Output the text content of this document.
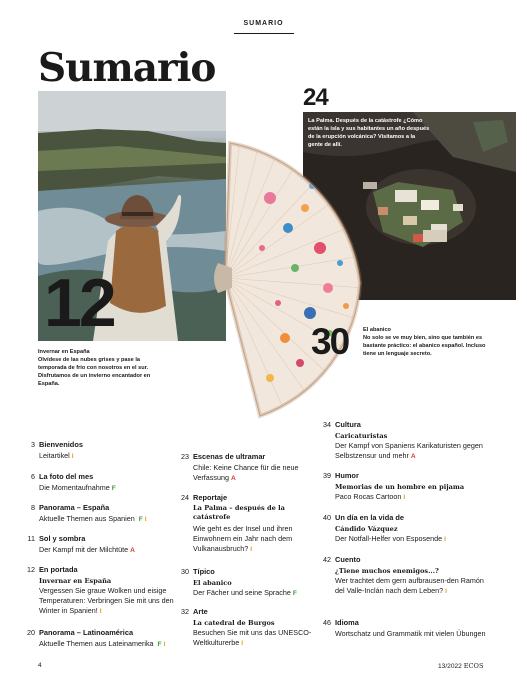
SUMARIO
Sumario
12
24
La Palma. Después de la catástrofe ¿Cómo están la isla y sus habitantes un año después de la erupción volcánica? Visitamos a la gente de allí.
30	El abanico
No solo se ve muy bien, sino que también es bastante práctico: el abanico español. Incluso tiene un lenguaje secreto.
Invernar en España
Olvídese de las nubes grises y pase la temporada de frío con nosotros en el sur. Disfrutamos de un invierno encantador en España.
3 Bienvenidos
Leitartikel I
6 La foto del mes
Die Momentaufnahme F
8 Panorama – España
Aktuelle Themen aus Spanien F I
11 Sol y sombra
Der Kampf mit der Milchtüte A
12 En portada
Invernar en España
Vergessen Sie graue Wolken und eisige Temperaturen: Verbringen Sie mit uns den Winter in Spanien! I
20 Panorama – Latinoamérica
Aktuelle Themen aus Lateinamerika F I
23 Escenas de ultramar
Chile: Keine Chance für die neue Verfassung A
24 Reportaje
La Palma – después de la catástrofe
Wie geht es der Insel und ihren Einwohnern ein Jahr nach dem Vulkanausbruch? I
30 Típico
El abanico
Der Fächer und seine Sprache F
32 Arte
La catedral de Burgos
Besuchen Sie mit uns das UNESCO-Weltkulturerbe I
34 Cultura
Caricaturistas
Der Kampf von Spaniens Karikaturisten gegen Selbstzensur und mehr A
39 Humor
Memorias de un hombre en pijama
Paco Rocas Cartoon I
40 Un día en la vida de
Cándido Vázquez
Der Notfall-Helfer von Esposende I
42 Cuento
¿Tiene muchos enemigos...?
Wer trachtet dem gern aufbrausen-den Ramón del Valle-Inclán nach dem Leben? I
46 Idioma
Wortschatz und Grammatik mit vielen Übungen
4	13/2022 ECOS
